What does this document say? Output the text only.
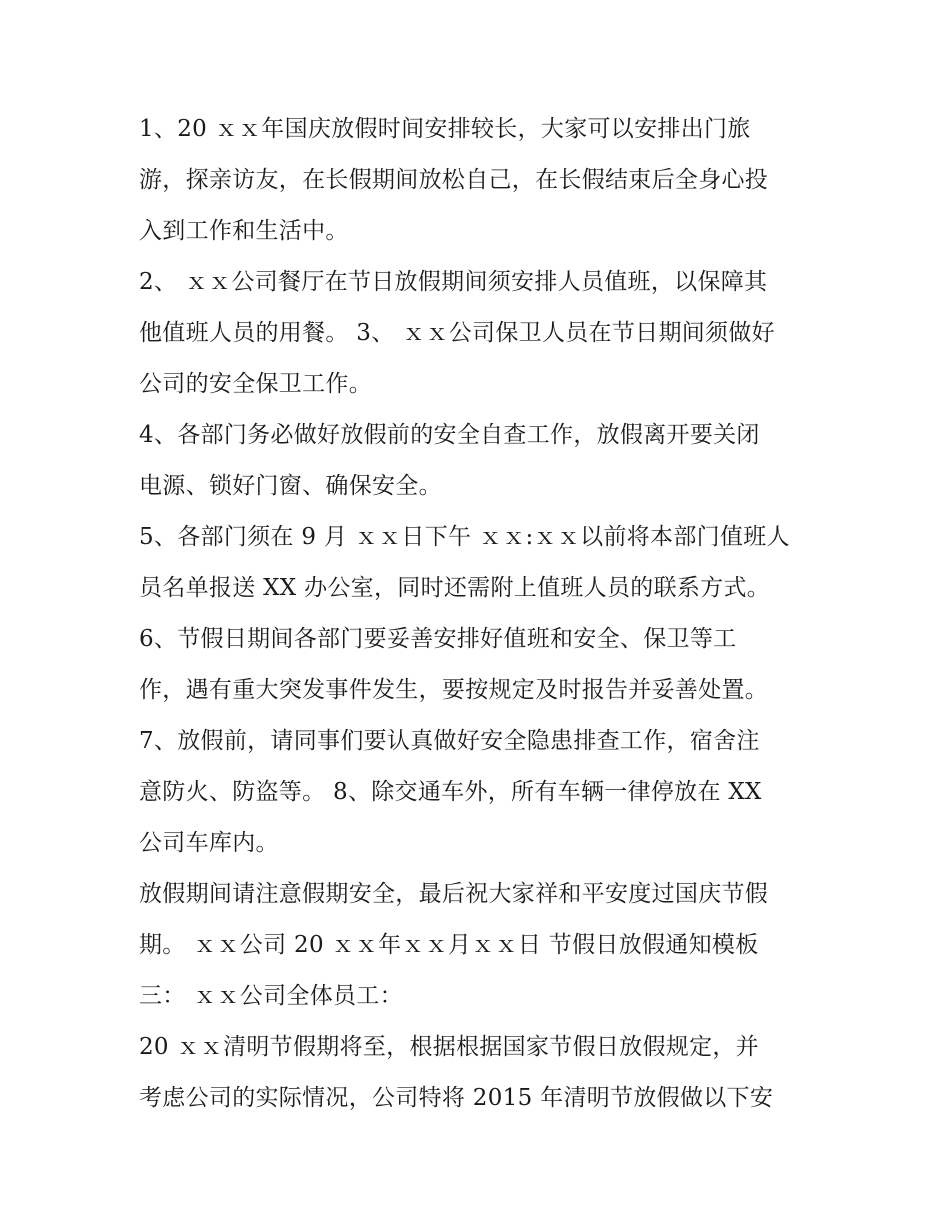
1、20 ｘｘ年国庆放假时间安排较长，大家可以安排出门旅
游，探亲访友，在长假期间放松自己，在长假结束后全身心投
入到工作和生活中。
2、 ｘｘ公司餐厅在节日放假期间须安排人员值班，以保障其
他值班人员的用餐。 3、 ｘｘ公司保卫人员在节日期间须做好
公司的安全保卫工作。
4、各部门务必做好放假前的安全自查工作，放假离开要关闭
电源、锁好门窗、确保安全。
5、各部门须在 9 月 ｘｘ日下午 ｘｘ:ｘｘ以前将本部门值班人
员名单报送 XX 办公室，同时还需附上值班人员的联系方式。
6、节假日期间各部门要妥善安排好值班和安全、保卫等工
作，遇有重大突发事件发生，要按规定及时报告并妥善处置。
7、放假前，请同事们要认真做好安全隐患排查工作，宿舍注
意防火、防盗等。 8、除交通车外，所有车辆一律停放在 XX
公司车库内。
放假期间请注意假期安全，最后祝大家祥和平安度过国庆节假
期。 ｘｘ公司 20 ｘｘ年ｘｘ月ｘｘ日 节假日放假通知模板
三： ｘｘ公司全体员工：
20 ｘｘ清明节假期将至，根据根据国家节假日放假规定，并
考虑公司的实际情况，公司特将 2015 年清明节放假做以下安
